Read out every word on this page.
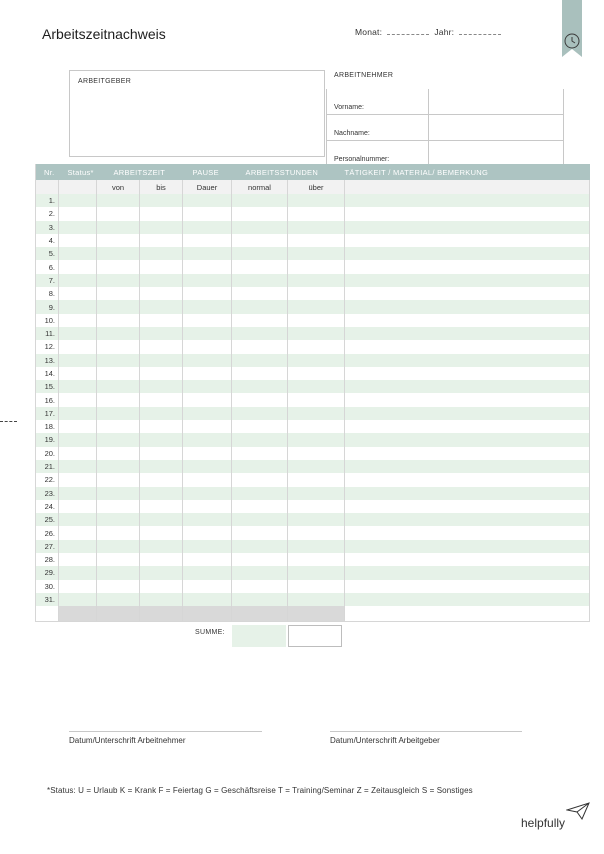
Arbeitszeitnachweis	Monat:	Jahr:
ARBEITGEBER
ARBEITNEHMER
Vorname:	
Nachname:	
Personalnummer:	
Nr.	Status*	ARBEITSZEIT		PAUSE	ARBEITSSTUNDEN		TÄTIGKEIT / MATERIAL/ BEMERKUNG
		von	bis	Dauer	normal	über	
1.							
2.							
3.							
4.							
5.							
6.							
7.							
8.							
9.							
10.							
11.							
12.							
13.							
14.							
15.							
16.							
17.							
18.							
19.							
20.							
21.							
22.							
23.							
24.							
25.							
26.							
27.							
28.							
29.							
30.							
31.							

SUMME:
Datum/Unterschrift Arbeitnehmer	Datum/Unterschrift Arbeitgeber
*Status: U = Urlaub K = Krank F = Feiertag G = Geschäftsreise T = Training/Seminar Z = Zeitausgleich S = Sonstiges
helpfully
